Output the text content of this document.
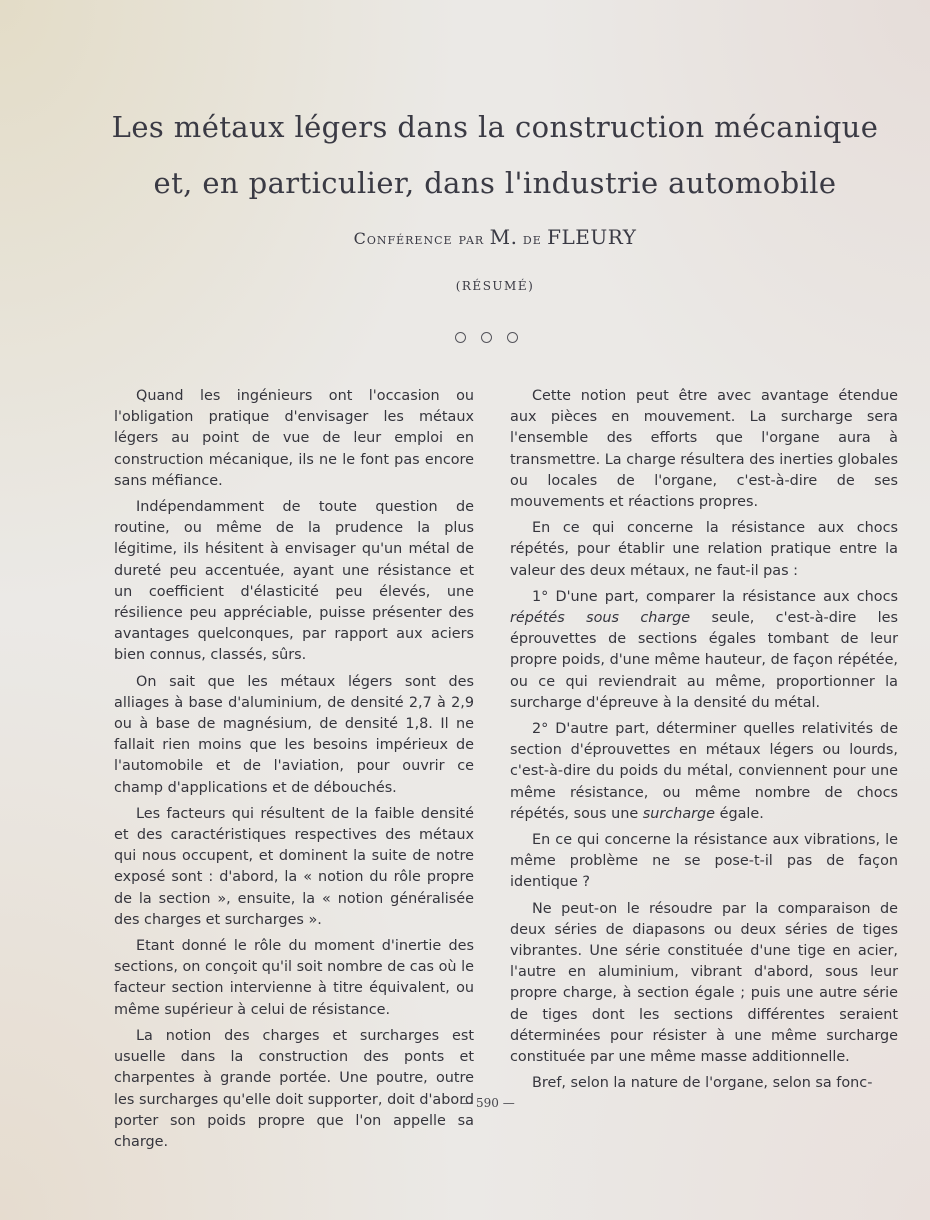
Les métaux légers dans la construction mécanique
et, en particulier, dans l'industrie automobile
Conférence par M. de FLEURY
(RÉSUMÉ)

Quand les ingénieurs ont l'occasion ou l'obligation pratique d'envisager les métaux légers au point de vue de leur emploi en construction mécanique, ils ne le font pas encore sans méfiance.

Indépendamment de toute question de routine, ou même de la prudence la plus légitime, ils hésitent à envisager qu'un métal de dureté peu accentuée, ayant une résistance et un coefficient d'élasticité peu élevés, une résilience peu appréciable, puisse présenter des avantages quelconques, par rapport aux aciers bien connus, classés, sûrs.

On sait que les métaux légers sont des alliages à base d'aluminium, de densité 2,7 à 2,9 ou à base de magnésium, de densité 1,8. Il ne fallait rien moins que les besoins impérieux de l'automobile et de l'aviation, pour ouvrir ce champ d'applications et de débouchés.

Les facteurs qui résultent de la faible densité et des caractéristiques respectives des métaux qui nous occupent, et dominent la suite de notre exposé sont : d'abord, la « notion du rôle propre de la section », ensuite, la « notion généralisée des charges et surcharges ».

Etant donné le rôle du moment d'inertie des sections, on conçoit qu'il soit nombre de cas où le facteur section intervienne à titre équivalent, ou même supérieur à celui de résistance.

La notion des charges et surcharges est usuelle dans la construction des ponts et charpentes à grande portée. Une poutre, outre les surcharges qu'elle doit supporter, doit d'abord porter son poids propre que l'on appelle sa charge.

Cette notion peut être avec avantage étendue aux pièces en mouvement. La surcharge sera l'ensemble des efforts que l'organe aura à transmettre. La charge résultera des inerties globales ou locales de l'organe, c'est-à-dire de ses mouvements et réactions propres.

En ce qui concerne la résistance aux chocs répétés, pour établir une relation pratique entre la valeur des deux métaux, ne faut-il pas :

1° D'une part, comparer la résistance aux chocs répétés sous charge seule, c'est-à-dire les éprouvettes de sections égales tombant de leur propre poids, d'une même hauteur, de façon répétée, ou ce qui reviendrait au même, proportionner la surcharge d'épreuve à la densité du métal.

2° D'autre part, déterminer quelles relativités de section d'éprouvettes en métaux légers ou lourds, c'est-à-dire du poids du métal, conviennent pour une même résistance, ou même nombre de chocs répétés, sous une surcharge égale.

En ce qui concerne la résistance aux vibrations, le même problème ne se pose-t-il pas de façon identique ?

Ne peut-on le résoudre par la comparaison de deux séries de diapasons ou deux séries de tiges vibrantes. Une série constituée d'une tige en acier, l'autre en aluminium, vibrant d'abord, sous leur propre charge, à section égale ; puis une autre série de tiges dont les sections différentes seraient déterminées pour résister à une même surcharge constituée par une même masse additionnelle.

Bref, selon la nature de l'organe, selon sa fonc-

— 590 —
